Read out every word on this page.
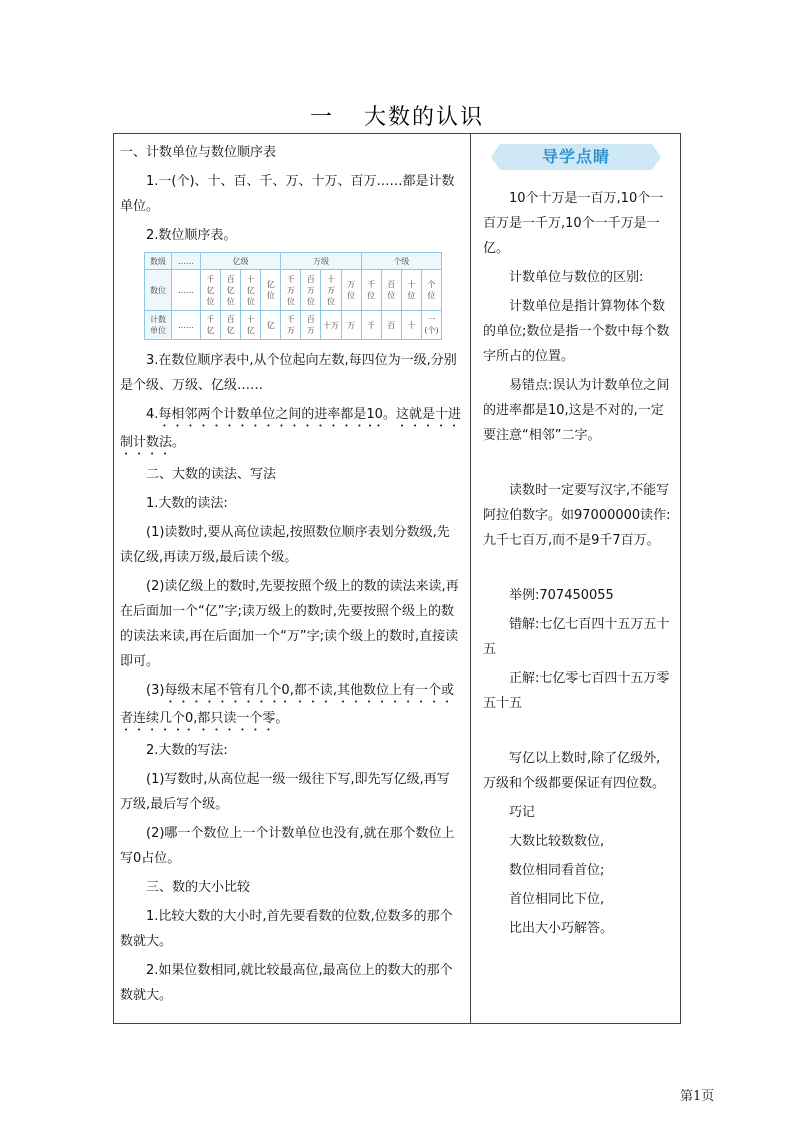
一 大数的认识
一、计数单位与数位顺序表
1.一(个)、十、百、千、万、十万、百万……都是计数单位。
2.数位顺序表。
数级	……	亿级				万级				个级			
数位	……	千亿位	百亿位	十亿位	亿位	千万位	百万位	十万位	万位	千位	百位	十位	个位
计数单位	……	千亿	百亿	十亿	亿	千万	百万	十万	万	千	百	十	一(个)
3.在数位顺序表中,从个位起向左数,每四位为一级,分别是个级、万级、亿级……
4.每相邻两个计数单位之间的进率都是10。这就是十进制计数法。
二、大数的读法、写法
1.大数的读法:
(1)读数时,要从高位读起,按照数位顺序表划分数级,先读亿级,再读万级,最后读个级。
(2)读亿级上的数时,先要按照个级上的数的读法来读,再在后面加一个“亿”字;读万级上的数时,先要按照个级上的数的读法来读,再在后面加一个“万”字;读个级上的数时,直接读即可。
(3)每级末尾不管有几个0,都不读,其他数位上有一个或者连续几个0,都只读一个零。
2.大数的写法:
(1)写数时,从高位起一级一级往下写,即先写亿级,再写万级,最后写个级。
(2)哪一个数位上一个计数单位也没有,就在那个数位上写0占位。
三、数的大小比较
1.比较大数的大小时,首先要看数的位数,位数多的那个数就大。
2.如果位数相同,就比较最高位,最高位上的数大的那个数就大。
导学点睛
10个十万是一百万,10个一百万是一千万,10个一千万是一亿。
计数单位与数位的区别:
计数单位是指计算物体个数的单位;数位是指一个数中每个数字所占的位置。
易错点:误认为计数单位之间的进率都是10,这是不对的,一定要注意“相邻”二字。
读数时一定要写汉字,不能写阿拉伯数字。如97000000读作:九千七百万,而不是9千7百万。
举例:707450055
错解:七亿七百四十五万五十五
正解:七亿零七百四十五万零五十五
写亿以上数时,除了亿级外,万级和个级都要保证有四位数。
巧记
大数比较数数位,
数位相同看首位;
首位相同比下位,
比出大小巧解答。
第1页
